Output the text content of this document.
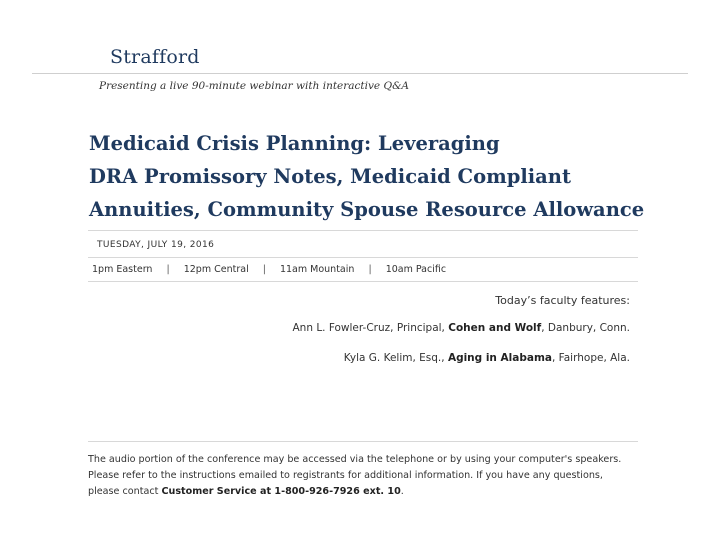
Strafford
Presenting a live 90-minute webinar with interactive Q&A
Medicaid Crisis Planning: Leveraging
DRA Promissory Notes, Medicaid Compliant
Annuities, Community Spouse Resource Allowance
TUESDAY, JULY 19, 2016
1pm Eastern | 12pm Central | 11am Mountain | 10am Pacific
Today’s faculty features:
Ann L. Fowler-Cruz, Principal, Cohen and Wolf, Danbury, Conn.
Kyla G. Kelim, Esq., Aging in Alabama, Fairhope, Ala.
The audio portion of the conference may be accessed via the telephone or by using your computer's speakers. Please refer to the instructions emailed to registrants for additional information. If you have any questions, please contact Customer Service at 1-800-926-7926 ext. 10.
